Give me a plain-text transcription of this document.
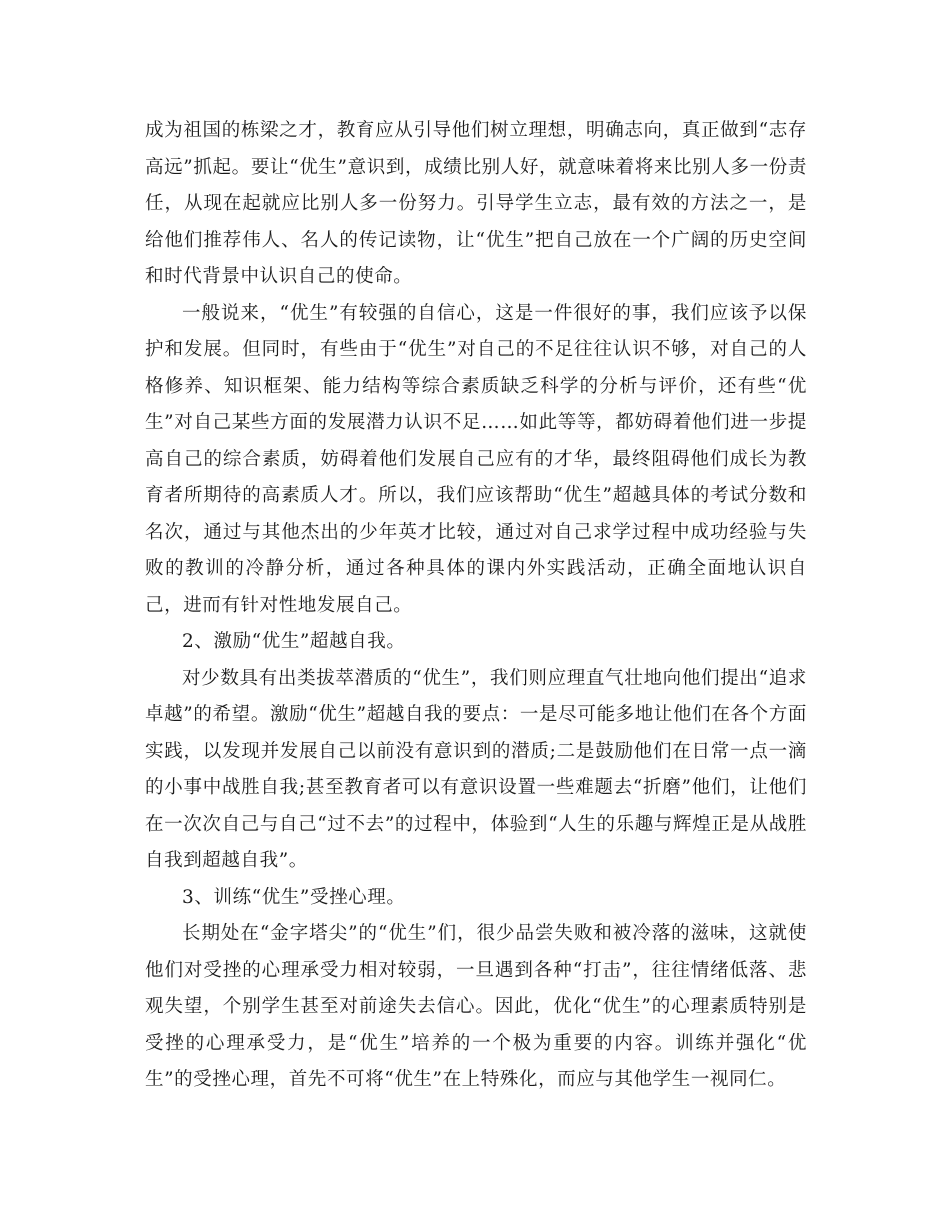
成为祖国的栋梁之才，教育应从引导他们树立理想，明确志向，真正做到“志存高远”抓起。要让“优生”意识到，成绩比别人好，就意味着将来比别人多一份责任，从现在起就应比别人多一份努力。引导学生立志，最有效的方法之一，是给他们推荐伟人、名人的传记读物，让“优生”把自己放在一个广阔的历史空间和时代背景中认识自己的使命。

一般说来，“优生”有较强的自信心，这是一件很好的事，我们应该予以保护和发展。但同时，有些由于“优生”对自己的不足往往认识不够，对自己的人格修养、知识框架、能力结构等综合素质缺乏科学的分析与评价，还有些“优生”对自己某些方面的发展潜力认识不足……如此等等，都妨碍着他们进一步提高自己的综合素质，妨碍着他们发展自己应有的才华，最终阻碍他们成长为教育者所期待的高素质人才。所以，我们应该帮助“优生”超越具体的考试分数和名次，通过与其他杰出的少年英才比较，通过对自己求学过程中成功经验与失败的教训的冷静分析，通过各种具体的课内外实践活动，正确全面地认识自己，进而有针对性地发展自己。

2、激励“优生”超越自我。

对少数具有出类拔萃潜质的“优生”，我们则应理直气壮地向他们提出“追求卓越”的希望。激励“优生”超越自我的要点：一是尽可能多地让他们在各个方面实践，以发现并发展自己以前没有意识到的潜质;二是鼓励他们在日常一点一滴的小事中战胜自我;甚至教育者可以有意识设置一些难题去“折磨”他们，让他们在一次次自己与自己“过不去”的过程中，体验到“人生的乐趣与辉煌正是从战胜自我到超越自我”。

3、训练“优生”受挫心理。

长期处在“金字塔尖”的“优生”们，很少品尝失败和被冷落的滋味，这就使他们对受挫的心理承受力相对较弱，一旦遇到各种“打击”，往往情绪低落、悲观失望，个别学生甚至对前途失去信心。因此，优化“优生”的心理素质特别是受挫的心理承受力，是“优生”培养的一个极为重要的内容。训练并强化“优生”的受挫心理，首先不可将“优生”在上特殊化，而应与其他学生一视同仁。
